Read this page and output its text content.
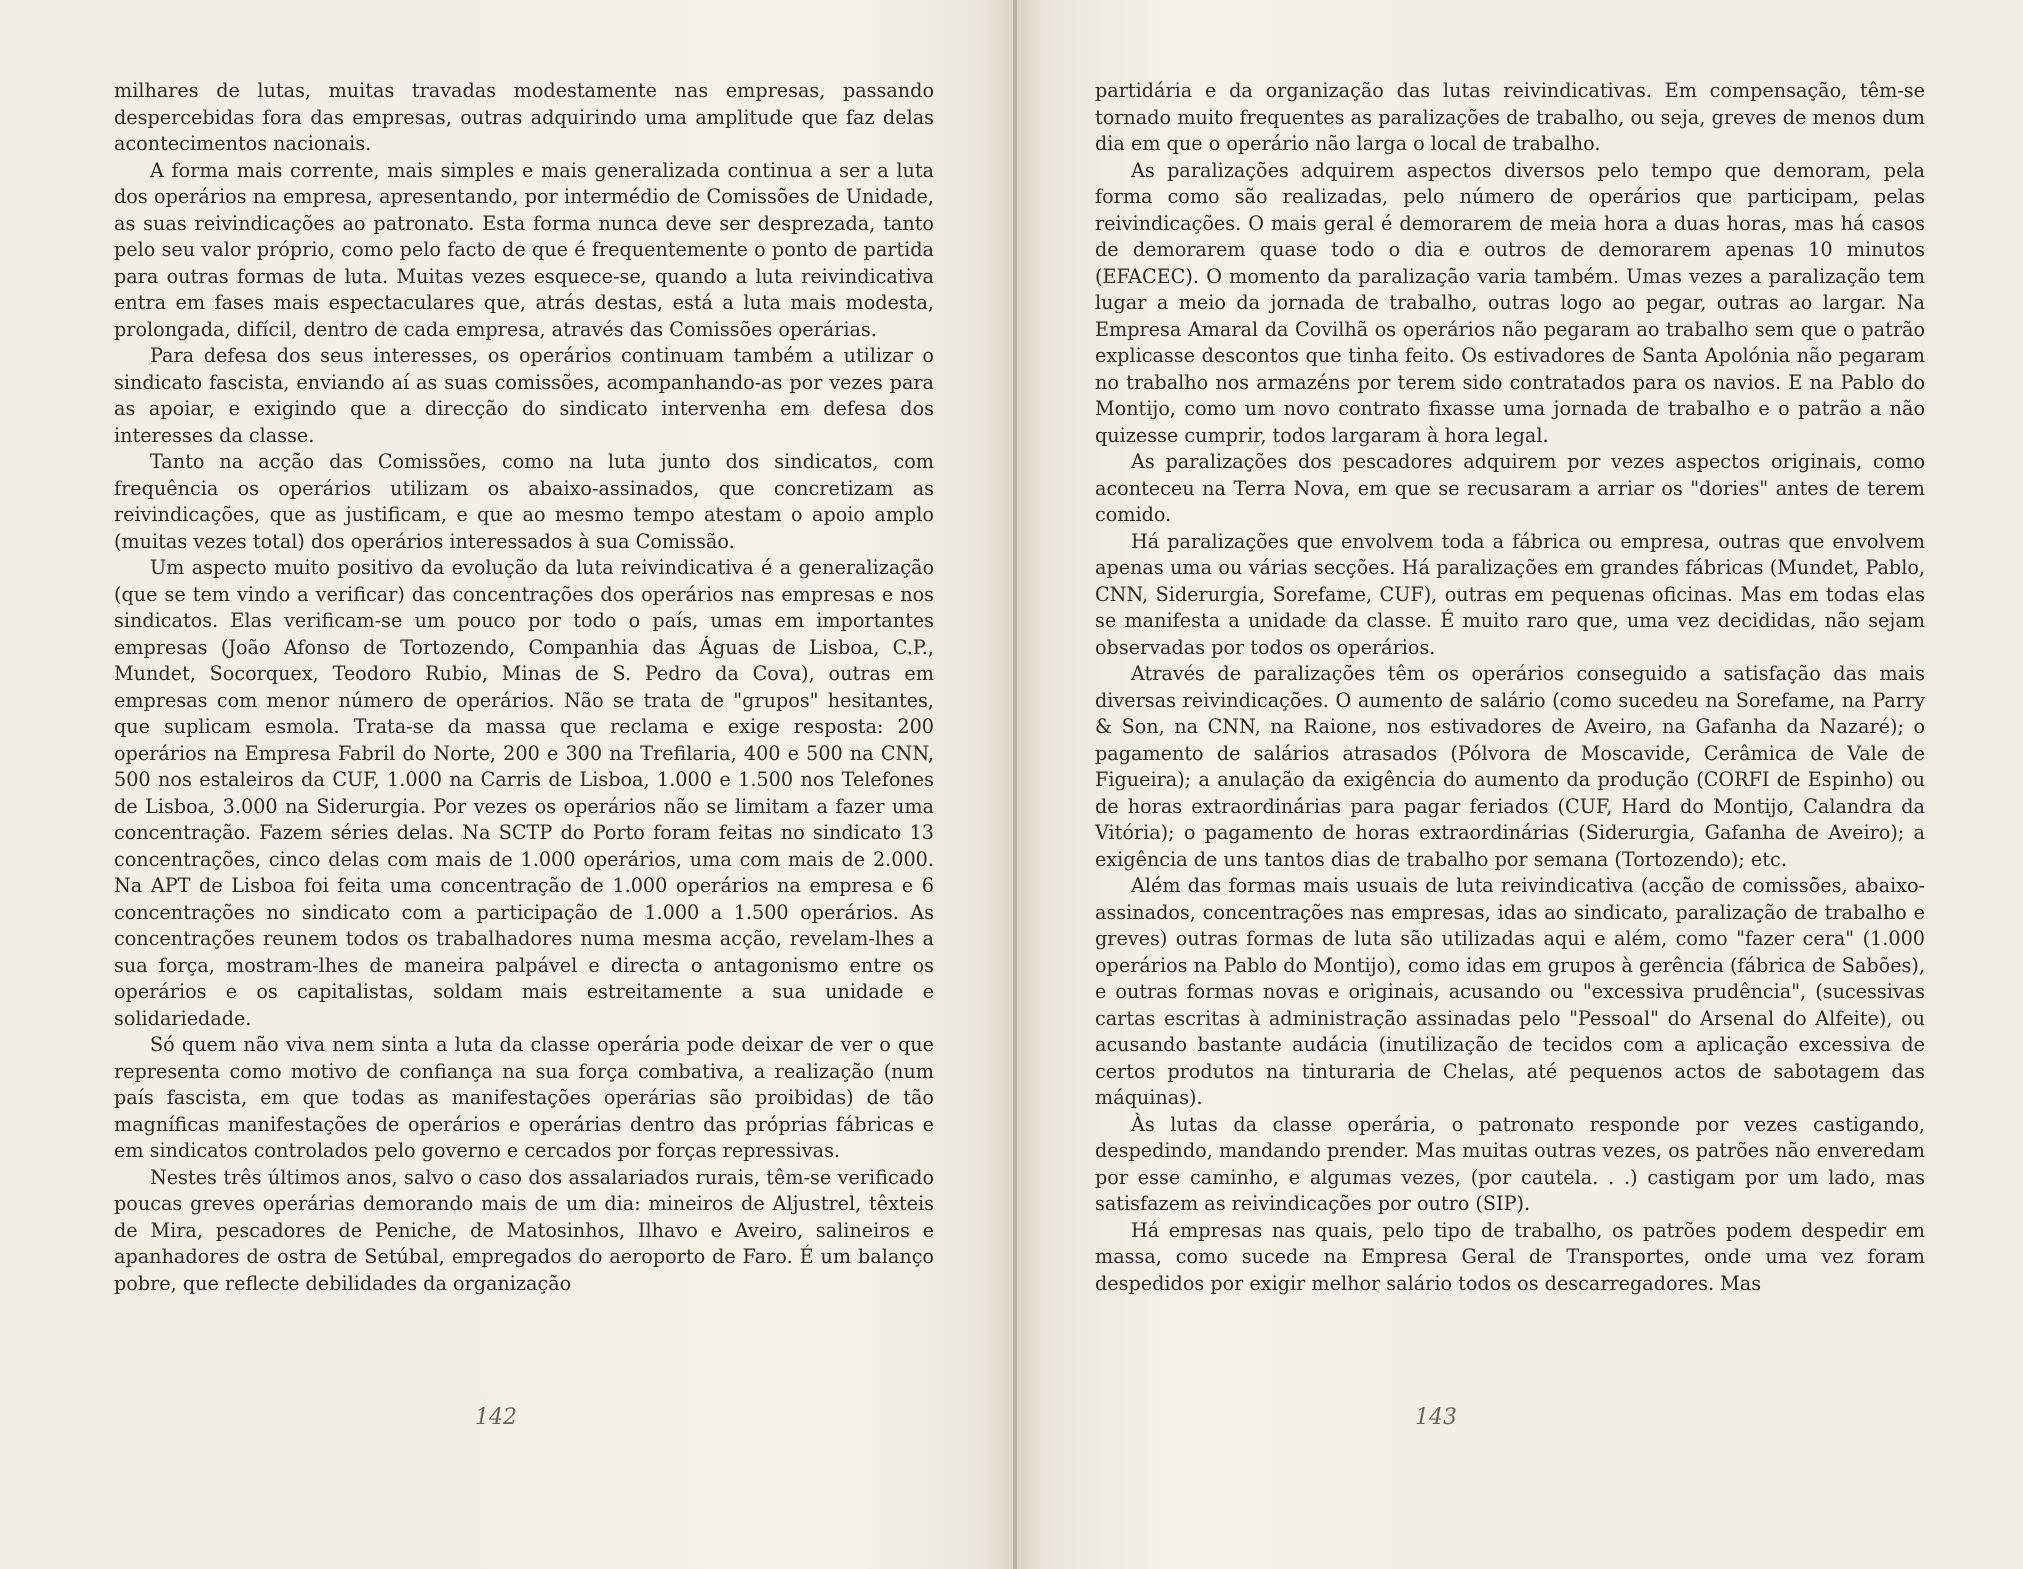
milhares de lutas, muitas travadas modestamente nas empresas, passando despercebidas fora das empresas, outras adquirindo uma amplitude que faz delas acontecimentos nacionais.

A forma mais corrente, mais simples e mais generalizada continua a ser a luta dos operários na empresa, apresentando, por intermédio de Comissões de Unidade, as suas reivindicações ao patronato. Esta forma nunca deve ser desprezada, tanto pelo seu valor próprio, como pelo facto de que é frequentemente o ponto de partida para outras formas de luta. Muitas vezes esquece-se, quando a luta reivindicativa entra em fases mais espectaculares que, atrás destas, está a luta mais modesta, prolongada, difícil, dentro de cada empresa, através das Comissões operárias.

Para defesa dos seus interesses, os operários continuam também a utilizar o sindicato fascista, enviando aí as suas comissões, acompanhando-as por vezes para as apoiar, e exigindo que a direcção do sindicato intervenha em defesa dos interesses da classe.

Tanto na acção das Comissões, como na luta junto dos sindicatos, com frequência os operários utilizam os abaixo-assinados, que concretizam as reivindicações, que as justificam, e que ao mesmo tempo atestam o apoio amplo (muitas vezes total) dos operários interessados à sua Comissão.

Um aspecto muito positivo da evolução da luta reivindicativa é a generalização (que se tem vindo a verificar) das concentrações dos operários nas empresas e nos sindicatos. Elas verificam-se um pouco por todo o país, umas em importantes empresas (João Afonso de Tortozendo, Companhia das Águas de Lisboa, C.P., Mundet, Socorquex, Teodoro Rubio, Minas de S. Pedro da Cova), outras em empresas com menor número de operários. Não se trata de "grupos" hesitantes, que suplicam esmola. Trata-se da massa que reclama e exige resposta: 200 operários na Empresa Fabril do Norte, 200 e 300 na Trefilaria, 400 e 500 na CNN, 500 nos estaleiros da CUF, 1.000 na Carris de Lisboa, 1.000 e 1.500 nos Telefones de Lisboa, 3.000 na Siderurgia. Por vezes os operários não se limitam a fazer uma concentração. Fazem séries delas. Na SCTP do Porto foram feitas no sindicato 13 concentrações, cinco delas com mais de 1.000 operários, uma com mais de 2.000. Na APT de Lisboa foi feita uma concentração de 1.000 operários na empresa e 6 concentrações no sindicato com a participação de 1.000 a 1.500 operários. As concentrações reunem todos os trabalhadores numa mesma acção, revelam-lhes a sua força, mostram-lhes de maneira palpável e directa o antagonismo entre os operários e os capitalistas, soldam mais estreitamente a sua unidade e solidariedade.

Só quem não viva nem sinta a luta da classe operária pode deixar de ver o que representa como motivo de confiança na sua força combativa, a realização (num país fascista, em que todas as manifestações operárias são proibidas) de tão magníficas manifestações de operários e operárias dentro das próprias fábricas e em sindicatos controlados pelo governo e cercados por forças repressivas.

Nestes três últimos anos, salvo o caso dos assalariados rurais, têm-se verificado poucas greves operárias demorando mais de um dia: mineiros de Aljustrel, têxteis de Mira, pescadores de Peniche, de Matosinhos, Ilhavo e Aveiro, salineiros e apanhadores de ostra de Setúbal, empregados do aeroporto de Faro. É um balanço pobre, que reflecte debilidades da organização

142

partidária e da organização das lutas reivindicativas. Em compensação, têm-se tornado muito frequentes as paralizações de trabalho, ou seja, greves de menos dum dia em que o operário não larga o local de trabalho.

As paralizações adquirem aspectos diversos pelo tempo que demoram, pela forma como são realizadas, pelo número de operários que participam, pelas reivindicações. O mais geral é demorarem de meia hora a duas horas, mas há casos de demorarem quase todo o dia e outros de demorarem apenas 10 minutos (EFACEC). O momento da paralização varia também. Umas vezes a paralização tem lugar a meio da jornada de trabalho, outras logo ao pegar, outras ao largar. Na Empresa Amaral da Covilhã os operários não pegaram ao trabalho sem que o patrão explicasse descontos que tinha feito. Os estivadores de Santa Apolónia não pegaram no trabalho nos armazéns por terem sido contratados para os navios. E na Pablo do Montijo, como um novo contrato fixasse uma jornada de trabalho e o patrão a não quizesse cumprir, todos largaram à hora legal.

As paralizações dos pescadores adquirem por vezes aspectos originais, como aconteceu na Terra Nova, em que se recusaram a arriar os "dories" antes de terem comido.

Há paralizações que envolvem toda a fábrica ou empresa, outras que envolvem apenas uma ou várias secções. Há paralizações em grandes fábricas (Mundet, Pablo, CNN, Siderurgia, Sorefame, CUF), outras em pequenas oficinas. Mas em todas elas se manifesta a unidade da classe. É muito raro que, uma vez decididas, não sejam observadas por todos os operários.

Através de paralizações têm os operários conseguido a satisfação das mais diversas reivindicações. O aumento de salário (como sucedeu na Sorefame, na Parry & Son, na CNN, na Raione, nos estivadores de Aveiro, na Gafanha da Nazaré); o pagamento de salários atrasados (Pólvora de Moscavide, Cerâmica de Vale de Figueira); a anulação da exigência do aumento da produção (CORFI de Espinho) ou de horas extraordinárias para pagar feriados (CUF, Hard do Montijo, Calandra da Vitória); o pagamento de horas extraordinárias (Siderurgia, Gafanha de Aveiro); a exigência de uns tantos dias de trabalho por semana (Tortozendo); etc.

Além das formas mais usuais de luta reivindicativa (acção de comissões, abaixo-assinados, concentrações nas empresas, idas ao sindicato, paralização de trabalho e greves) outras formas de luta são utilizadas aqui e além, como "fazer cera" (1.000 operários na Pablo do Montijo), como idas em grupos à gerência (fábrica de Sabões), e outras formas novas e originais, acusando ou "excessiva prudência", (sucessivas cartas escritas à administração assinadas pelo "Pessoal" do Arsenal do Alfeite), ou acusando bastante audácia (inutilização de tecidos com a aplicação excessiva de certos produtos na tinturaria de Chelas, até pequenos actos de sabotagem das máquinas).

Às lutas da classe operária, o patronato responde por vezes castigando, despedindo, mandando prender. Mas muitas outras vezes, os patrões não enveredam por esse caminho, e algumas vezes, (por cautela. . .) castigam por um lado, mas satisfazem as reivindicações por outro (SIP).

Há empresas nas quais, pelo tipo de trabalho, os patrões podem despedir em massa, como sucede na Empresa Geral de Transportes, onde uma vez foram despedidos por exigir melhor salário todos os descarregadores. Mas

143
